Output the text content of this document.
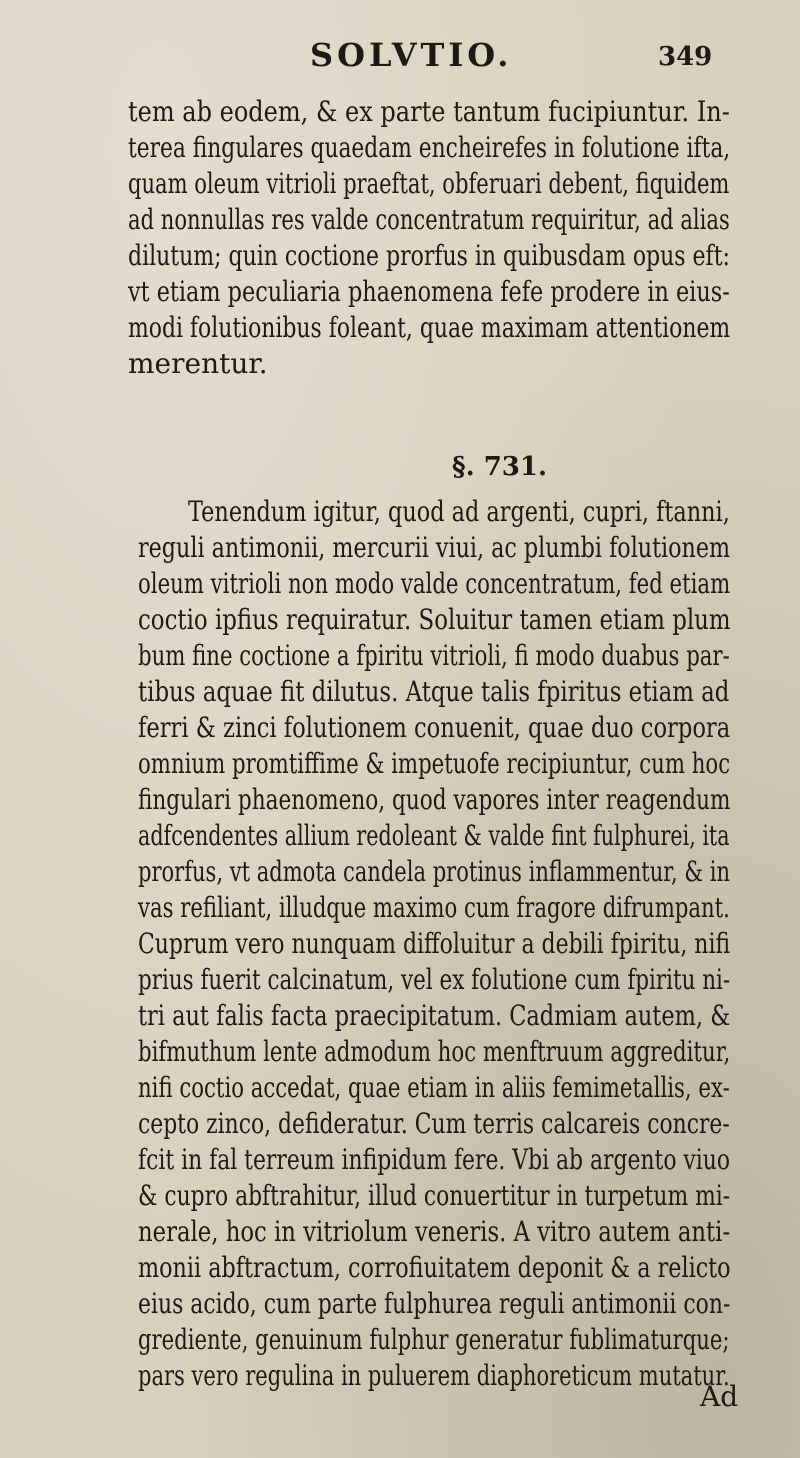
SOLVTIO.	349
tem ab eodem, & ex parte tantum fucipiuntur. In-
terea fingulares quaedam encheirefes in folutione ifta,
quam oleum vitrioli praeftat, obferuari debent, fiquidem
ad nonnullas res valde concentratum requiritur, ad alias
dilutum; quin coctione prorfus in quibusdam opus eft:
vt etiam peculiaria phaenomena fefe prodere in eius-
modi folutionibus foleant, quae maximam attentionem
merentur.
§. 731.
Tenendum igitur, quod ad argenti, cupri, ftanni,
reguli antimonii, mercurii viui, ac plumbi folutionem
oleum vitrioli non modo valde concentratum, fed etiam
coctio ipfius requiratur. Soluitur tamen etiam plum
bum fine coctione a fpiritu vitrioli, fi modo duabus par-
tibus aquae fit dilutus. Atque talis fpiritus etiam ad
ferri & zinci folutionem conuenit, quae duo corpora
omnium promtiffime & impetuofe recipiuntur, cum hoc
fingulari phaenomeno, quod vapores inter reagendum
adfcendentes allium redoleant & valde fint fulphurei, ita
prorfus, vt admota candela protinus inflammentur, & in
vas refiliant, illudque maximo cum fragore difrumpant.
Cuprum vero nunquam diffoluitur a debili fpiritu, nifi
prius fuerit calcinatum, vel ex folutione cum fpiritu ni-
tri aut falis facta praecipitatum. Cadmiam autem, &
bifmuthum lente admodum hoc menftruum aggreditur,
nifi coctio accedat, quae etiam in aliis femimetallis, ex-
cepto zinco, defideratur. Cum terris calcareis concre-
fcit in fal terreum infipidum fere. Vbi ab argento viuo
& cupro abftrahitur, illud conuertitur in turpetum mi-
nerale, hoc in vitriolum veneris. A vitro autem anti-
monii abftractum, corrofiuitatem deponit & a relicto
eius acido, cum parte fulphurea reguli antimonii con-
grediente, genuinum fulphur generatur fublimaturque;
pars vero regulina in puluerem diaphoreticum mutatur.
Ad
